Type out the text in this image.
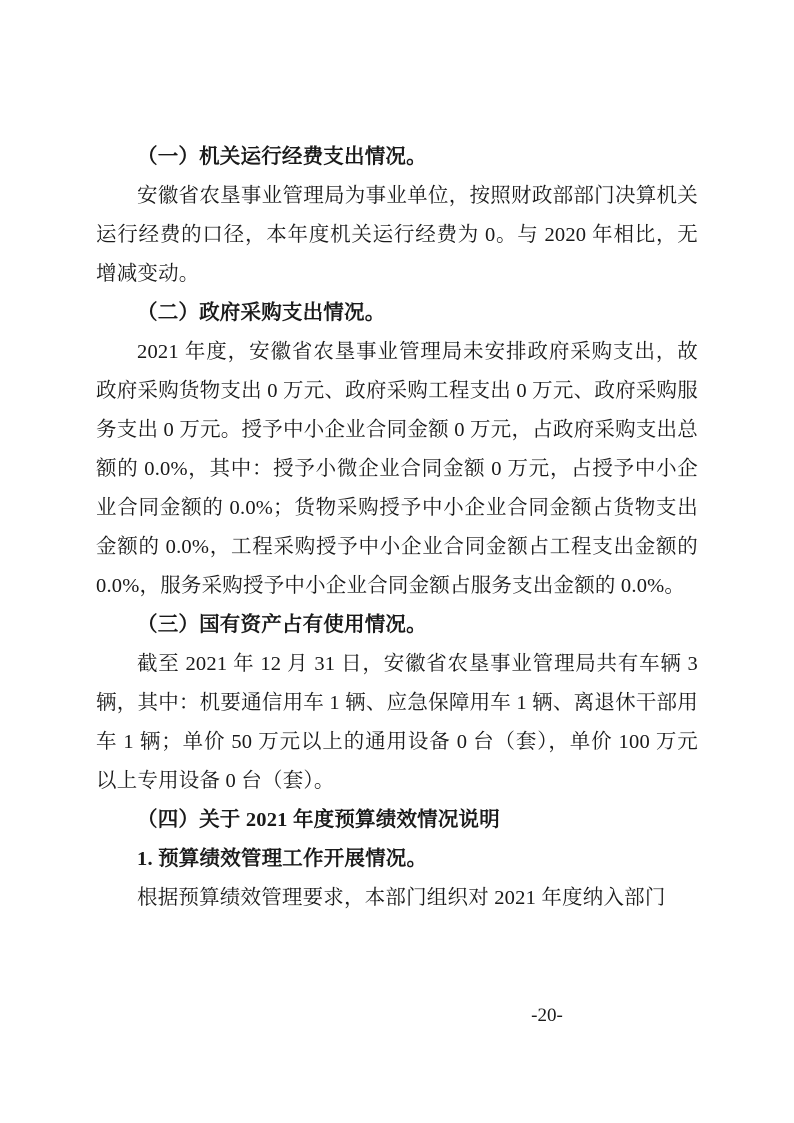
（一）机关运行经费支出情况。

安徽省农垦事业管理局为事业单位，按照财政部部门决算机关运行经费的口径，本年度机关运行经费为 0。与 2020 年相比，无增减变动。

（二）政府采购支出情况。

2021 年度，安徽省农垦事业管理局未安排政府采购支出，故政府采购货物支出 0 万元、政府采购工程支出 0 万元、政府采购服务支出 0 万元。授予中小企业合同金额 0 万元，占政府采购支出总额的 0.0%，其中：授予小微企业合同金额 0 万元，占授予中小企业合同金额的 0.0%；货物采购授予中小企业合同金额占货物支出金额的 0.0%，工程采购授予中小企业合同金额占工程支出金额的 0.0%，服务采购授予中小企业合同金额占服务支出金额的 0.0%。

（三）国有资产占有使用情况。

截至 2021 年 12 月 31 日，安徽省农垦事业管理局共有车辆 3 辆，其中：机要通信用车 1 辆、应急保障用车 1 辆、离退休干部用车 1 辆；单价 50 万元以上的通用设备 0 台（套），单价 100 万元以上专用设备 0 台（套）。

（四）关于 2021 年度预算绩效情况说明

1. 预算绩效管理工作开展情况。

根据预算绩效管理要求，本部门组织对 2021 年度纳入部门

-20-
